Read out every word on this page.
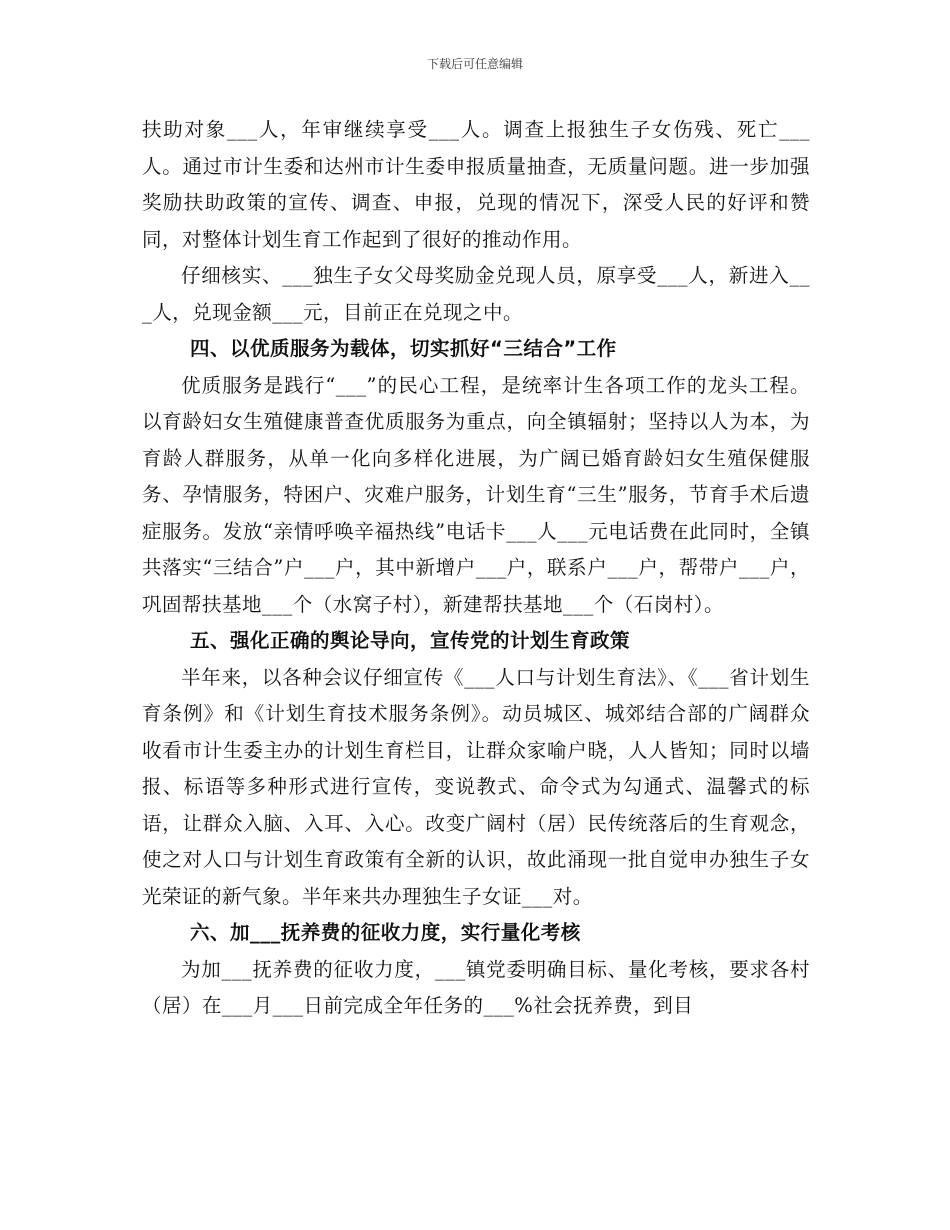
下载后可任意编辑

扶助对象___人，年审继续享受___人。调查上报独生子女伤残、死亡___人。通过市计生委和达州市计生委申报质量抽查，无质量问题。进一步加强奖励扶助政策的宣传、调查、申报，兑现的情况下，深受人民的好评和赞同，对整体计划生育工作起到了很好的推动作用。

仔细核实、___独生子女父母奖励金兑现人员，原享受___人，新进入___人，兑现金额___元，目前正在兑现之中。

四、以优质服务为载体，切实抓好“三结合”工作

优质服务是践行“___”的民心工程，是统率计生各项工作的龙头工程。以育龄妇女生殖健康普查优质服务为重点，向全镇辐射；坚持以人为本，为育龄人群服务，从单一化向多样化进展，为广阔已婚育龄妇女生殖保健服务、孕情服务，特困户、灾难户服务，计划生育“三生”服务，节育手术后遗症服务。发放“亲情呼唤辛福热线”电话卡___人___元电话费在此同时，全镇共落实“三结合”户___户，其中新增户___户，联系户___户，帮带户___户，巩固帮扶基地___个（水窝子村），新建帮扶基地___个（石岗村）。

五、强化正确的舆论导向，宣传党的计划生育政策

半年来，以各种会议仔细宣传《___人口与计划生育法》、《___省计划生育条例》和《计划生育技术服务条例》。动员城区、城郊结合部的广阔群众收看市计生委主办的计划生育栏目，让群众家喻户晓，人人皆知；同时以墙报、标语等多种形式进行宣传，变说教式、命令式为勾通式、温馨式的标语，让群众入脑、入耳、入心。改变广阔村（居）民传统落后的生育观念，使之对人口与计划生育政策有全新的认识，故此涌现一批自觉申办独生子女光荣证的新气象。半年来共办理独生子女证___对。

六、加___抚养费的征收力度，实行量化考核

为加___抚养费的征收力度，___镇党委明确目标、量化考核，要求各村（居）在___月___日前完成全年任务的___%社会抚养费，到目
